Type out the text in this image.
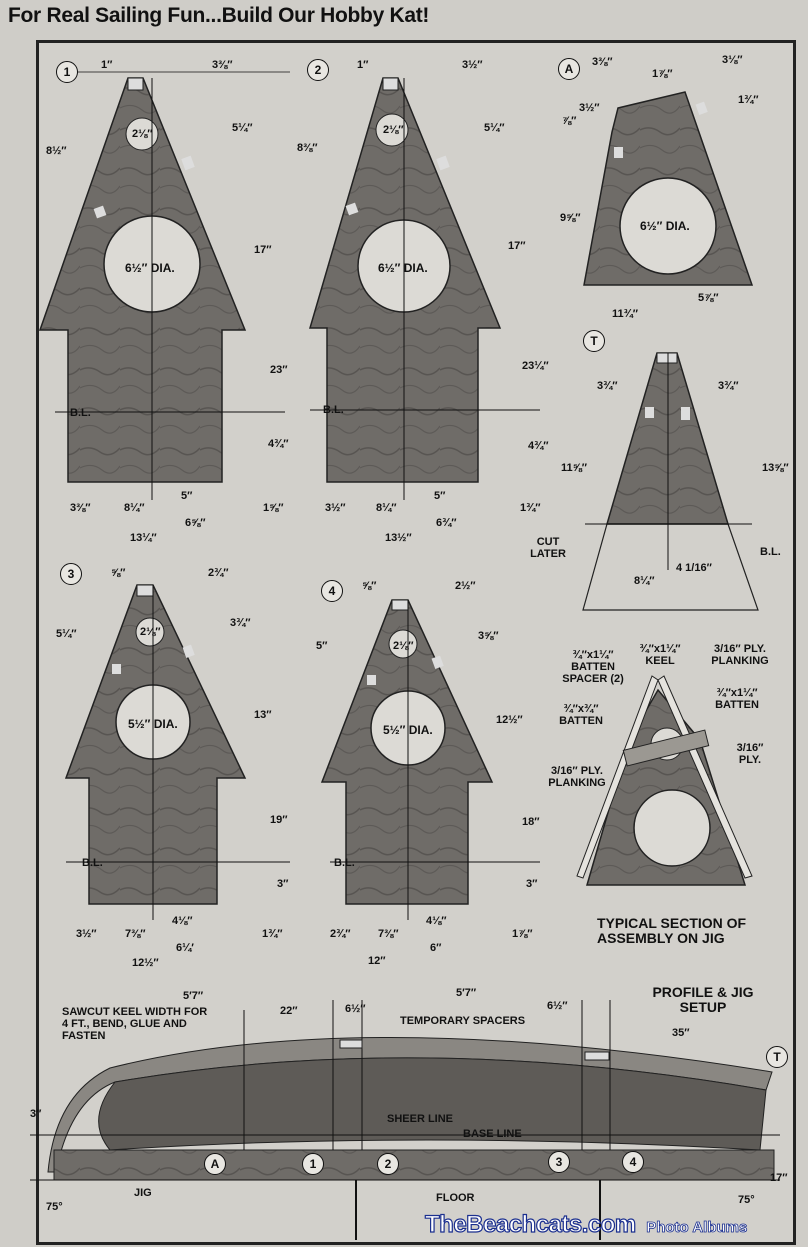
For Real Sailing Fun...Build Our Hobby Kat!
1	1″	3⅜″
8½″
5¼″
2⅛″
6½″ DIA.
17″
23″
4¾″
B.L.
3⅜″	8¼″
5″
1⅝″
6⅝″
13¼″
2	1″	3½″
8⅜″
5¼″
2⅛″
6½″ DIA.
17″
23¼″
4¾″
B.L.
3½″	8¼″
5″
1¾″
6¾″
13½″
A	3⅜″
1⅞″
3⅛″
1¾″
3½″
⅞″
9⅝″
6½″ DIA.
5⅞″
11¾″
T
3¾″	3¾″
11⅝″	13⅝″
CUT LATER
8¼″
4 1/16″
B.L.
3	⅝″	2¾″
5¼″
3¾″
2⅛″
5½″ DIA.
13″
19″
3″
B.L.
3½″	7⅜″
4⅛″
1¾″
6¼′
12½″
4	⅝″	2½″
5″
3⅝″
2⅛″
5½″ DIA.
12½″
18″
3″
B.L.
2¾″ 7⅜″
4⅛″
1⅞″
6″
12″
¾″x1¼″ BATTEN SPACER (2)
¾″x1¼″ KEEL
3/16″ PLY. PLANKING
¾″x1¼″ BATTEN
¾″x¾″ BATTEN
3/16″ PLY. PLANKING
3/16″ PLY.
TYPICAL SECTION OF ASSEMBLY ON JIG
PROFILE & JIG SETUP
5′7″	5′7″
22″	6½″	6½″
35″
SAWCUT KEEL WIDTH FOR 4 FT., BEND, GLUE AND FASTEN
TEMPORARY SPACERS
SHEER LINE
BASE LINE
3″
17″
JIG	FLOOR
75°
75°
A	1	2	3	4
T
TheBeachcats.com Photo Albums
